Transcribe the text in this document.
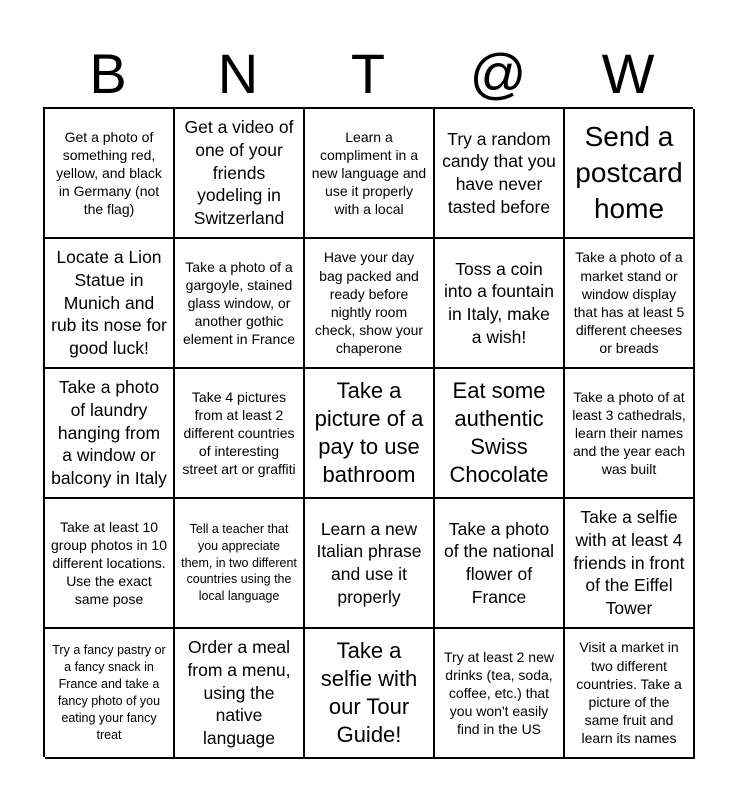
B	N	T	@	W
Get a photo of something red, yellow, and black in Germany (not the flag)
Get a video of one of your friends yodeling in Switzerland
Learn a compliment in a new language and use it properly with a local
Try a random candy that you have never tasted before
Send a postcard home
Locate a Lion Statue in Munich and rub its nose for good luck!
Take a photo of a gargoyle, stained glass window, or another gothic element in France
Have your day bag packed and ready before nightly room check, show your chaperone
Toss a coin into a fountain in Italy, make a wish!
Take a photo of a market stand or window display that has at least 5 different cheeses or breads
Take a photo of laundry hanging from a window or balcony in Italy
Take 4 pictures from at least 2 different countries of interesting street art or graffiti
Take a picture of a pay to use bathroom
Eat some authentic Swiss Chocolate
Take a photo of at least 3 cathedrals, learn their names and the year each was built
Take at least 10 group photos in 10 different locations. Use the exact same pose
Tell a teacher that you appreciate them, in two different countries using the local language
Learn a new Italian phrase and use it properly
Take a photo of the national flower of France
Take a selfie with at least 4 friends in front of the Eiffel Tower
Try a fancy pastry or a fancy snack in France and take a fancy photo of you eating your fancy treat
Order a meal from a menu, using the native language
Take a selfie with our Tour Guide!
Try at least 2 new drinks (tea, soda, coffee, etc.) that you won't easily find in the US
Visit a market in two different countries. Take a picture of the same fruit and learn its names
